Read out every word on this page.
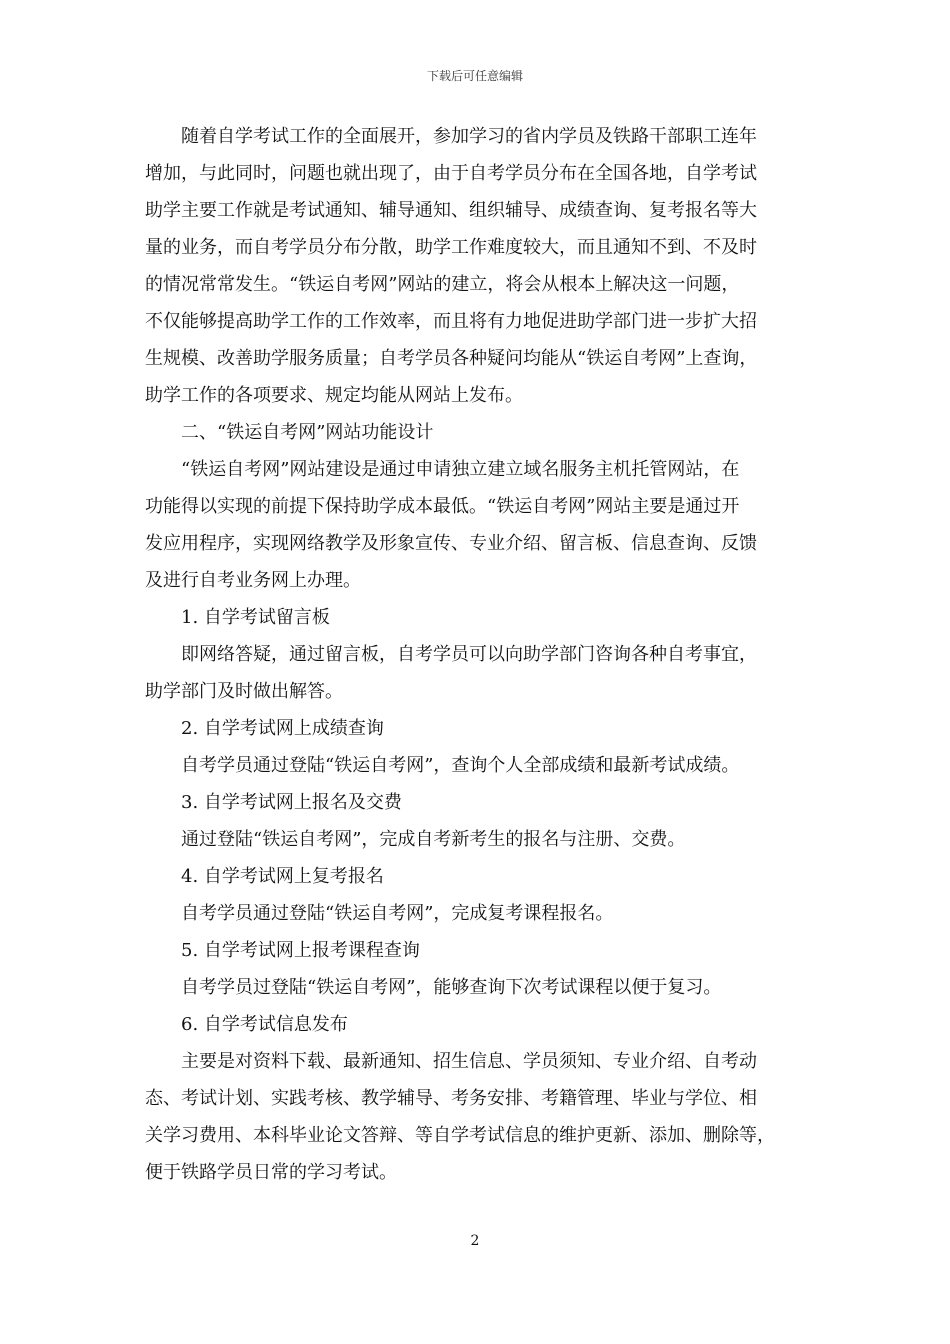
下载后可任意编辑
随着自学考试工作的全面展开，参加学习的省内学员及铁路干部职工连年
增加，与此同时，问题也就出现了，由于自考学员分布在全国各地，自学考试
助学主要工作就是考试通知、辅导通知、组织辅导、成绩查询、复考报名等大
量的业务，而自考学员分布分散，助学工作难度较大，而且通知不到、不及时
的情况常常发生。“铁运自考网”网站的建立，将会从根本上解决这一问题，
不仅能够提高助学工作的工作效率，而且将有力地促进助学部门进一步扩大招
生规模、改善助学服务质量；自考学员各种疑问均能从“铁运自考网”上查询，
助学工作的各项要求、规定均能从网站上发布。
二、“铁运自考网”网站功能设计
“铁运自考网”网站建设是通过申请独立建立域名服务主机托管网站，在
功能得以实现的前提下保持助学成本最低。“铁运自考网”网站主要是通过开
发应用程序，实现网络教学及形象宣传、专业介绍、留言板、信息查询、反馈
及进行自考业务网上办理。
1. 自学考试留言板
即网络答疑，通过留言板，自考学员可以向助学部门咨询各种自考事宜，
助学部门及时做出解答。
2. 自学考试网上成绩查询
自考学员通过登陆“铁运自考网”，查询个人全部成绩和最新考试成绩。
3. 自学考试网上报名及交费
通过登陆“铁运自考网”，完成自考新考生的报名与注册、交费。
4. 自学考试网上复考报名
自考学员通过登陆“铁运自考网”，完成复考课程报名。
5. 自学考试网上报考课程查询
自考学员过登陆“铁运自考网”，能够查询下次考试课程以便于复习。
6. 自学考试信息发布
主要是对资料下载、最新通知、招生信息、学员须知、专业介绍、自考动
态、考试计划、实践考核、教学辅导、考务安排、考籍管理、毕业与学位、相
关学习费用、本科毕业论文答辩、等自学考试信息的维护更新、添加、删除等，
便于铁路学员日常的学习考试。
2
